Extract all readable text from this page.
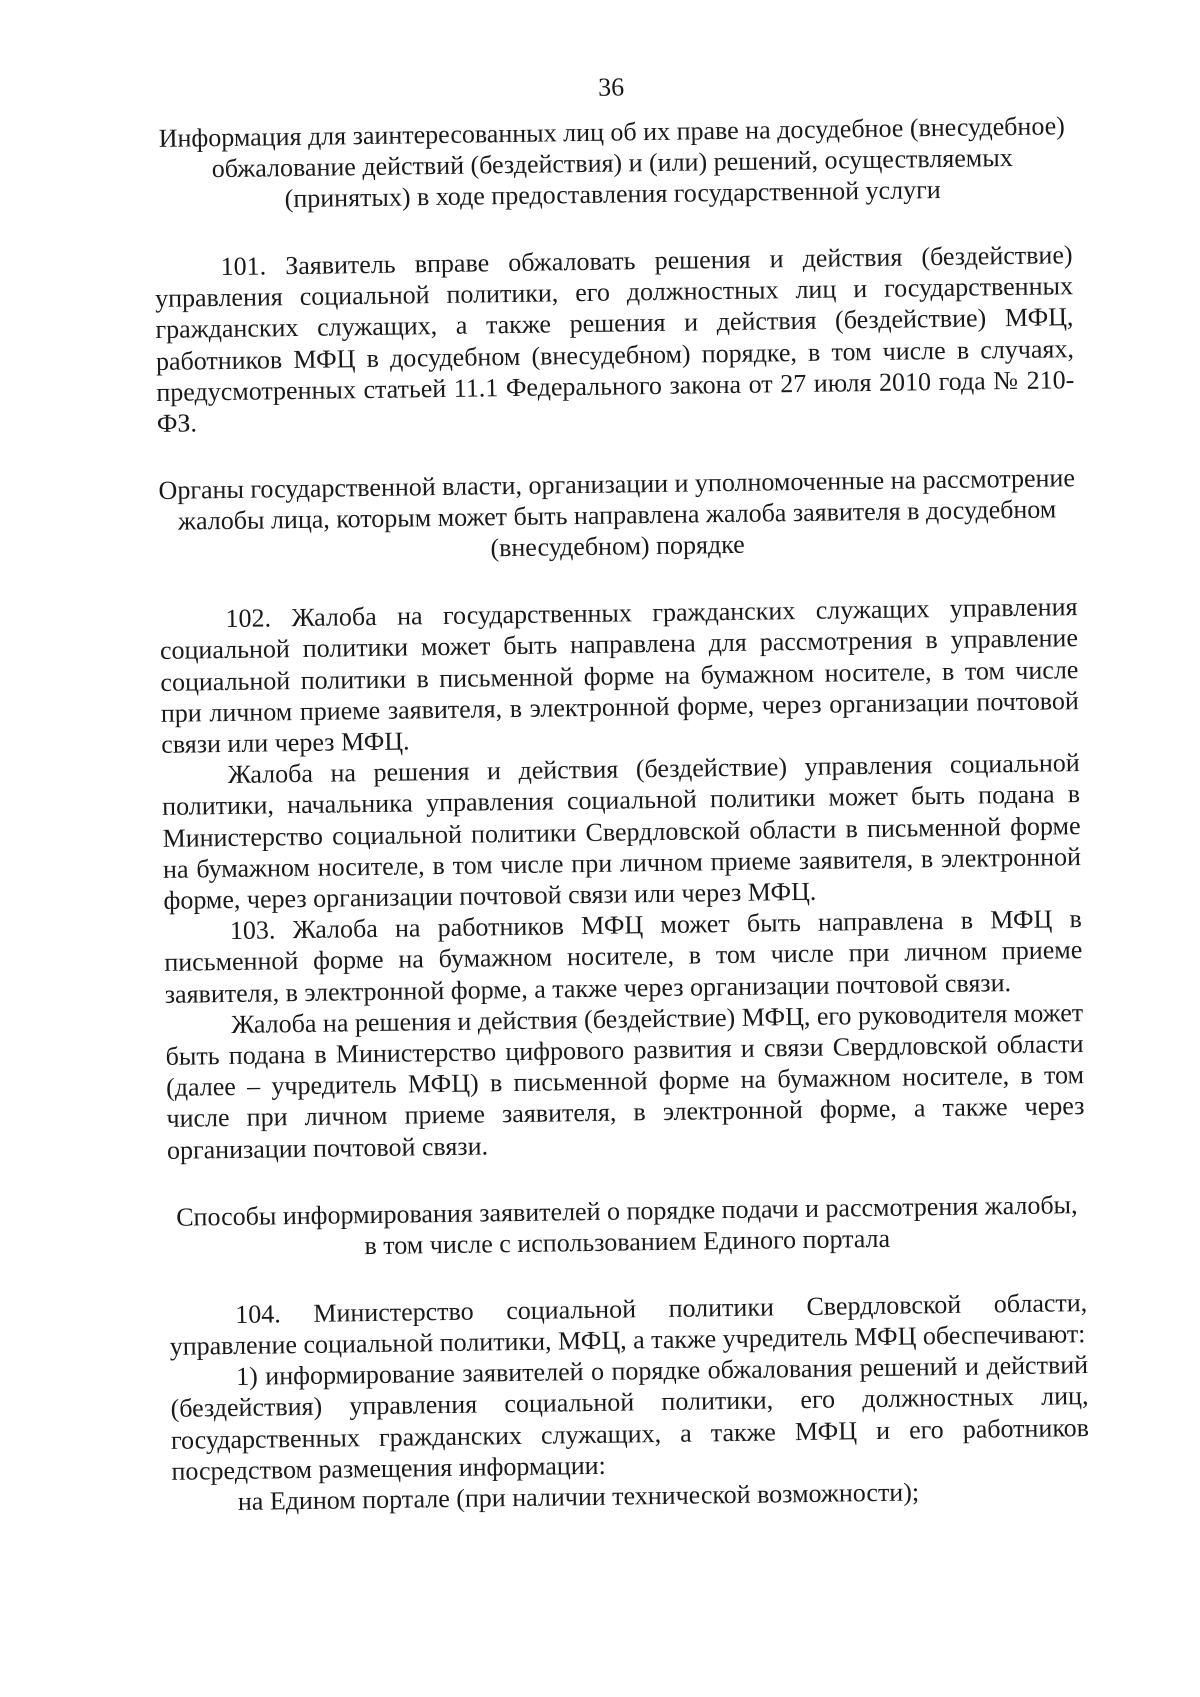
36

Информация для заинтересованных лиц об их праве на досудебное (внесудебное)

обжалование действий (бездействия) и (или) решений, осуществляемых

(принятых) в ходе предоставления государственной услуги

101. Заявитель вправе обжаловать решения и действия (бездействие) управления социальной политики, его должностных лиц и государственных гражданских служащих, а также решения и действия (бездействие) МФЦ, работников МФЦ в досудебном (внесудебном) порядке, в том числе в случаях, предусмотренных статьей 11.1 Федерального закона от 27 июля 2010 года № 210-ФЗ.

Органы государственной власти, организации и уполномоченные на рассмотрение

жалобы лица, которым может быть направлена жалоба заявителя в досудебном

(внесудебном) порядке

102. Жалоба на государственных гражданских служащих управления социальной политики может быть направлена для рассмотрения в управление социальной политики в письменной форме на бумажном носителе, в том числе при личном приеме заявителя, в электронной форме, через организации почтовой связи или через МФЦ.

Жалоба на решения и действия (бездействие) управления социальной политики, начальника управления социальной политики может быть подана в Министерство социальной политики Свердловской области в письменной форме на бумажном носителе, в том числе при личном приеме заявителя, в электронной форме, через организации почтовой связи или через МФЦ.

103. Жалоба на работников МФЦ может быть направлена в МФЦ в письменной форме на бумажном носителе, в том числе при личном приеме заявителя, в электронной форме, а также через организации почтовой связи.

Жалоба на решения и действия (бездействие) МФЦ, его руководителя может быть подана в Министерство цифрового развития и связи Свердловской области (далее – учредитель МФЦ) в письменной форме на бумажном носителе, в том числе при личном приеме заявителя, в электронной форме, а также через организации почтовой связи.

Способы информирования заявителей о порядке подачи и рассмотрения жалобы,

в том числе с использованием Единого портала

104. Министерство социальной политики Свердловской области, управление социальной политики, МФЦ, а также учредитель МФЦ обеспечивают:

1) информирование заявителей о порядке обжалования решений и действий (бездействия) управления социальной политики, его должностных лиц, государственных гражданских служащих, а также МФЦ и его работников посредством размещения информации:

на Едином портале (при наличии технической возможности);
